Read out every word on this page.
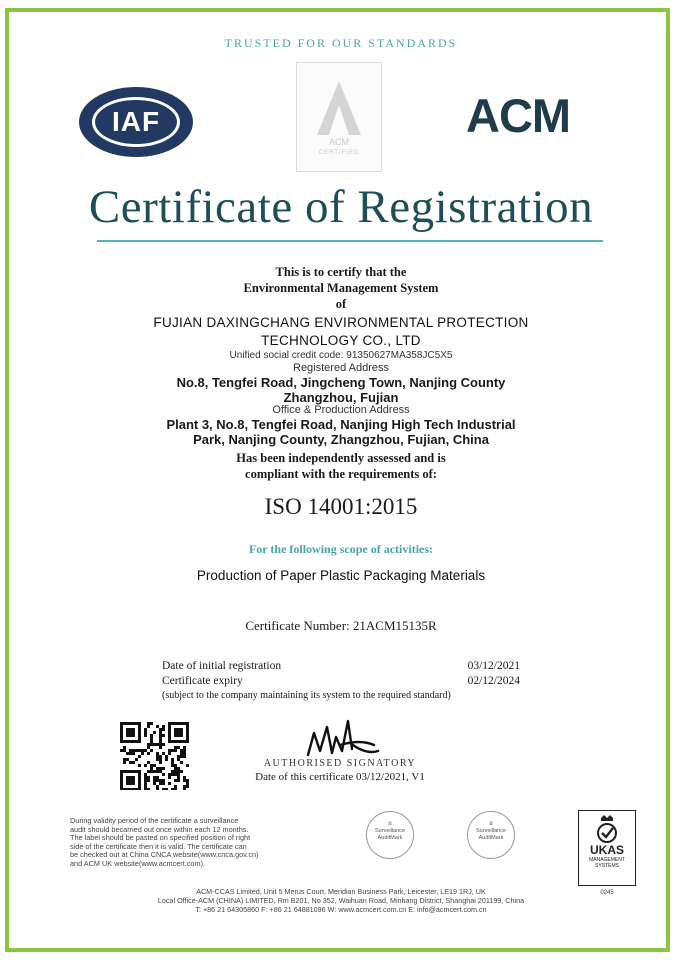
TRUSTED FOR OUR STANDARDS
IAF
ACM
CERTIFIED
ACM
Certificate of Registration
This is to certify that the
Environmental Management System
of
FUJIAN DAXINGCHANG ENVIRONMENTAL PROTECTION
TECHNOLOGY CO., LTD
Unified social credit code: 91350627MA358JC5X5
Registered Address
No.8, Tengfei Road, Jingcheng Town, Nanjing County
Zhangzhou, Fujian
Office & Production Address
Plant 3, No.8, Tengfei Road, Nanjing High Tech Industrial
Park, Nanjing County, Zhangzhou, Fujian, China
Has been independently assessed and is
compliant with the requirements of:
ISO 14001:2015
For the following scope of activities:
Production of Paper Plastic Packaging Materials
Certificate Number: 21ACM15135R
Date of initial registration	03/12/2021
Certificate expiry	02/12/2024
(subject to the company maintaining its system to the required standard)
AUTHORISED SIGNATORY
Date of this certificate 03/12/2021, V1
During validity period of the certificate a surveillance
audit should becarried out once within each 12 months.
The label should be pasted on specified position of right
side of the certificate then it is valid. The certificate can
be checked out at China CNCA website(www.cnca.gov.cn)
and ACM UK website(www.acmcert.com).
①
Surveillance
AuditMark
②
Surveillance
AuditMark
UKAS
MANAGEMENT
SYSTEMS
0245
ACM-CCAS Limited, Unit 5 Merus Court, Meridian Business Park, Leicester, LE19 1RJ, UK
Local Office-ACM (CHINA) LIMITED, Rm B201, No 352, Waihuan Road, Minhang District, Shanghai 201199, China
T: +86 21 64305860 F: +86 21 64881096 W: www.acmcert.com.cn E: info@acmcert.com.cn
